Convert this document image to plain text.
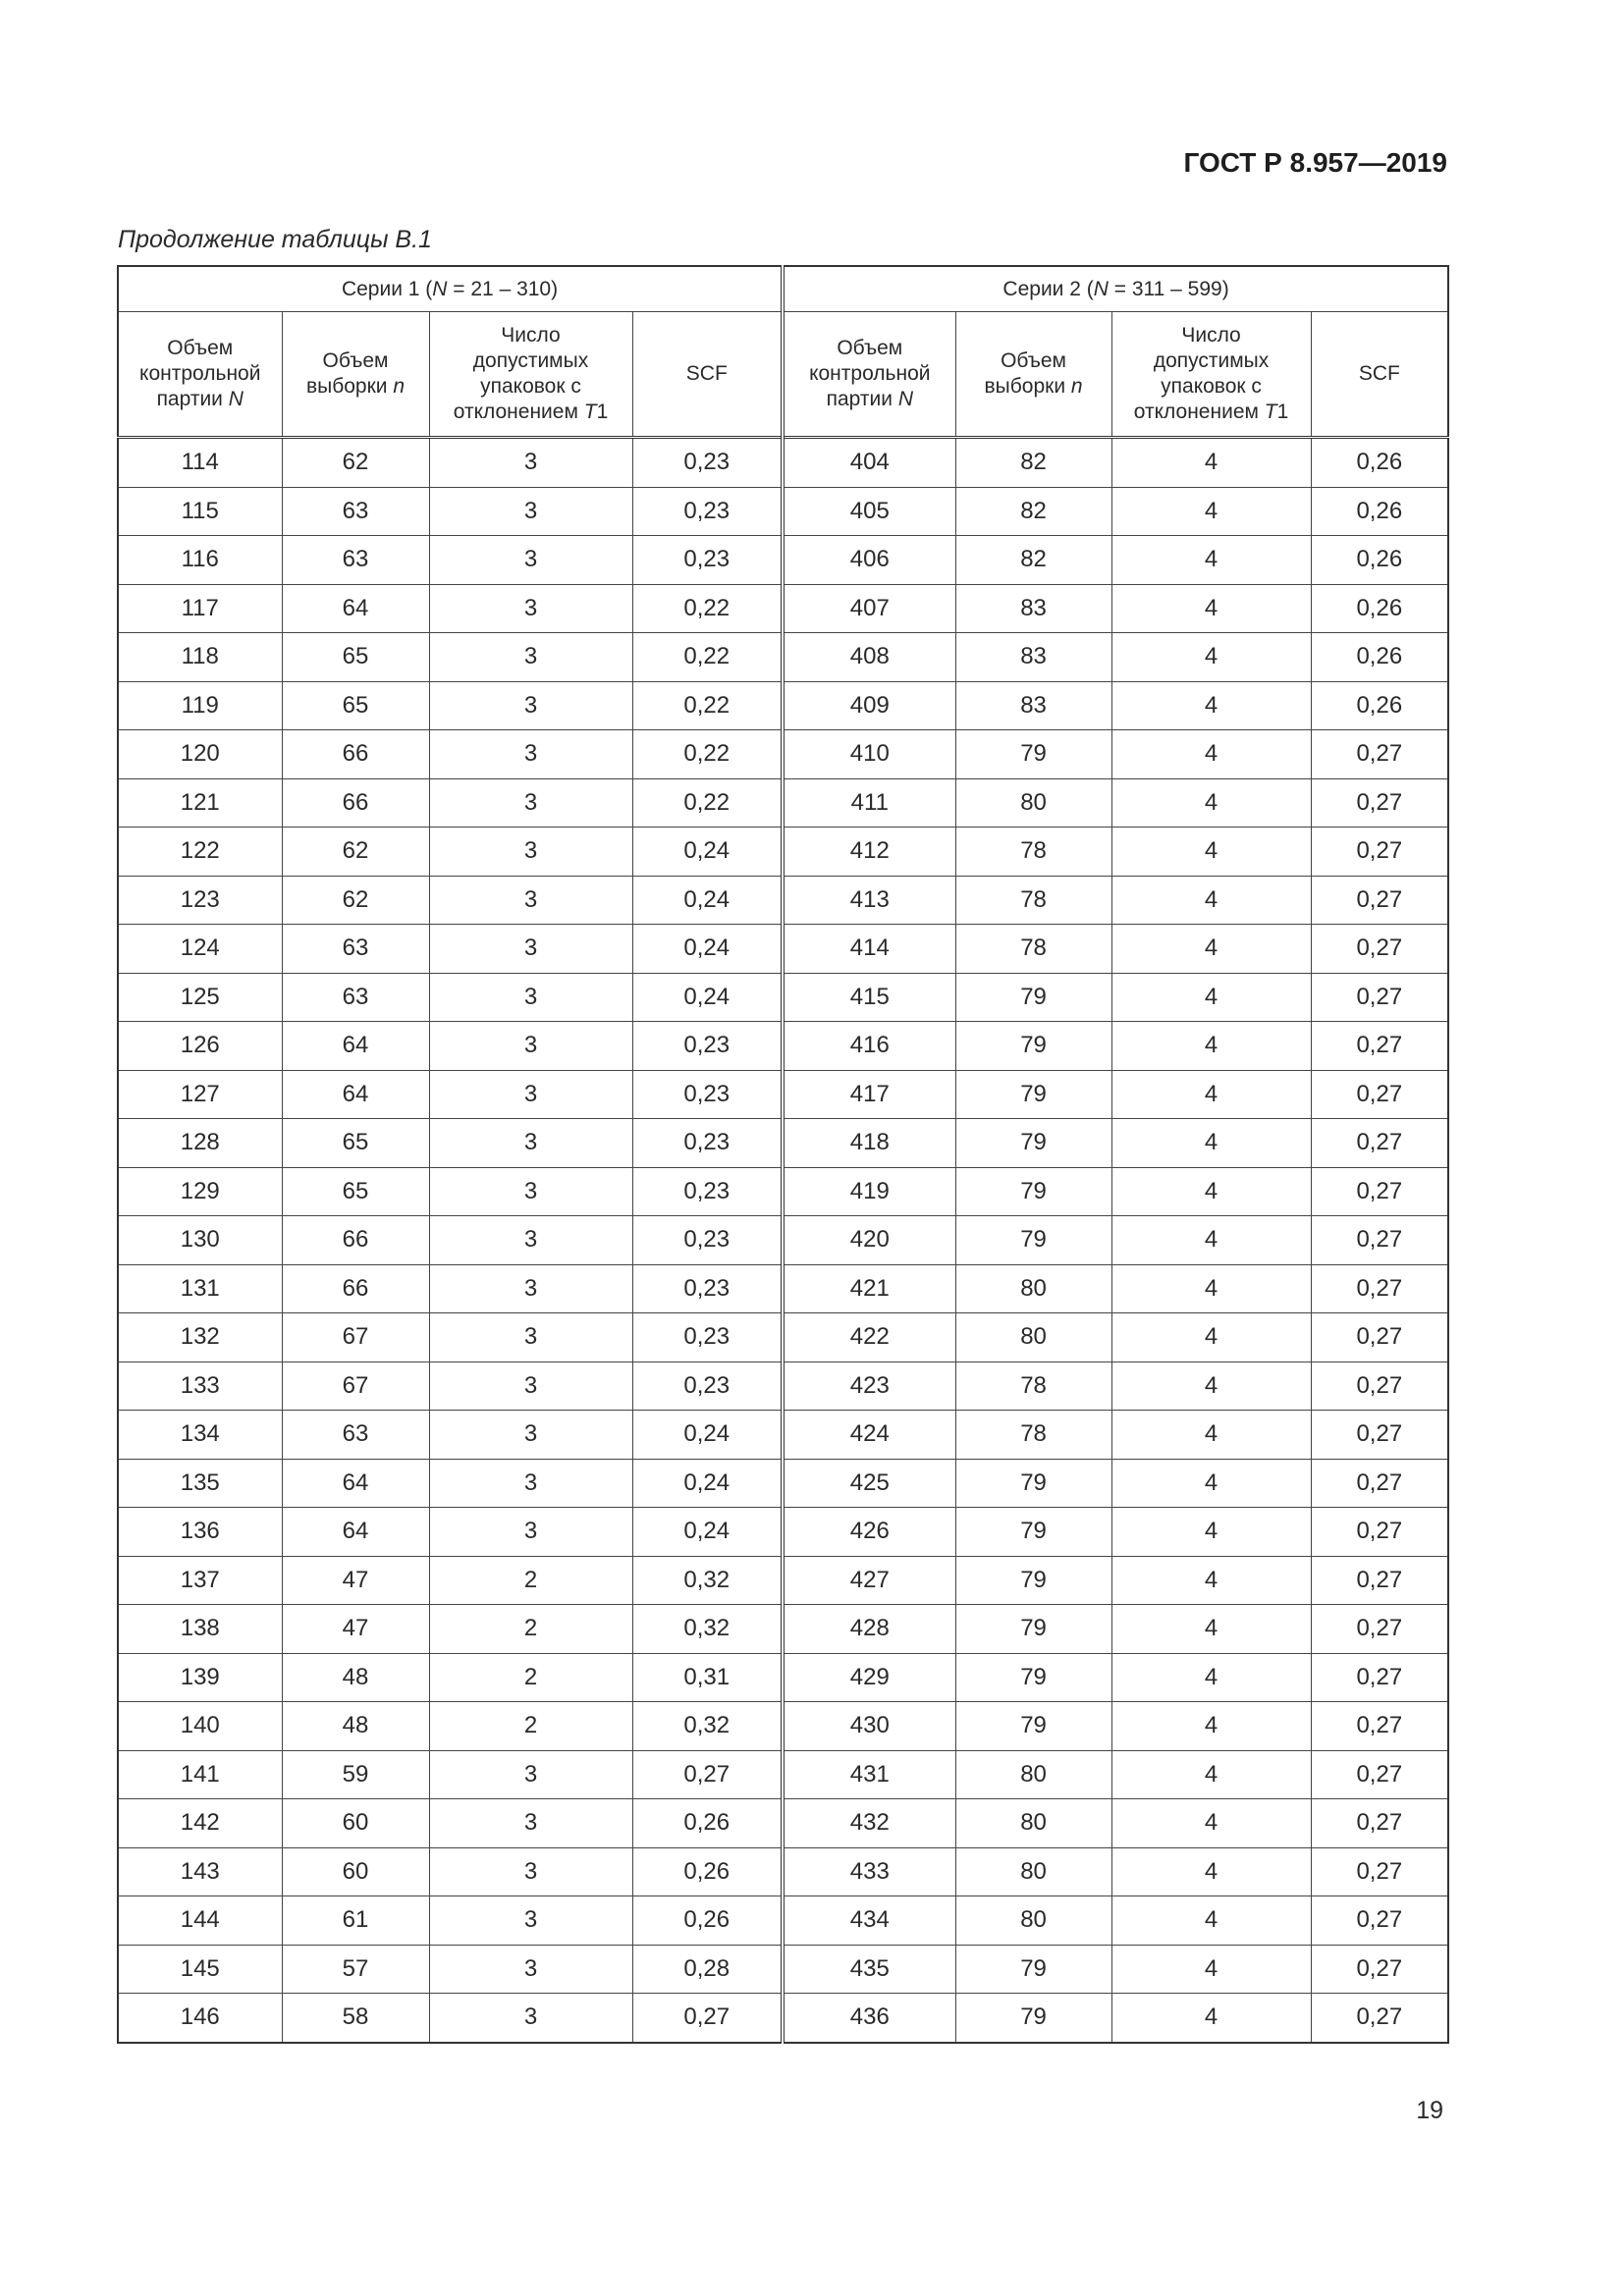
ГОСТ Р 8.957—2019
Продолжение таблицы В.1
Серии 1 (N = 21 – 310)				Серии 2 (N = 311 – 599)			
Объем
контрольной
партии N	Объем
выборки n	Число
допустимых
упаковок с
отклонением T1	SCF	Объем
контрольной
партии N	Объем
выборки n	Число
допустимых
упаковок с
отклонением T1	SCF
114	62	3	0,23	404	82	4	0,26
115	63	3	0,23	405	82	4	0,26
116	63	3	0,23	406	82	4	0,26
117	64	3	0,22	407	83	4	0,26
118	65	3	0,22	408	83	4	0,26
119	65	3	0,22	409	83	4	0,26
120	66	3	0,22	410	79	4	0,27
121	66	3	0,22	411	80	4	0,27
122	62	3	0,24	412	78	4	0,27
123	62	3	0,24	413	78	4	0,27
124	63	3	0,24	414	78	4	0,27
125	63	3	0,24	415	79	4	0,27
126	64	3	0,23	416	79	4	0,27
127	64	3	0,23	417	79	4	0,27
128	65	3	0,23	418	79	4	0,27
129	65	3	0,23	419	79	4	0,27
130	66	3	0,23	420	79	4	0,27
131	66	3	0,23	421	80	4	0,27
132	67	3	0,23	422	80	4	0,27
133	67	3	0,23	423	78	4	0,27
134	63	3	0,24	424	78	4	0,27
135	64	3	0,24	425	79	4	0,27
136	64	3	0,24	426	79	4	0,27
137	47	2	0,32	427	79	4	0,27
138	47	2	0,32	428	79	4	0,27
139	48	2	0,31	429	79	4	0,27
140	48	2	0,32	430	79	4	0,27
141	59	3	0,27	431	80	4	0,27
142	60	3	0,26	432	80	4	0,27
143	60	3	0,26	433	80	4	0,27
144	61	3	0,26	434	80	4	0,27
145	57	3	0,28	435	79	4	0,27
146	58	3	0,27	436	79	4	0,27
19
